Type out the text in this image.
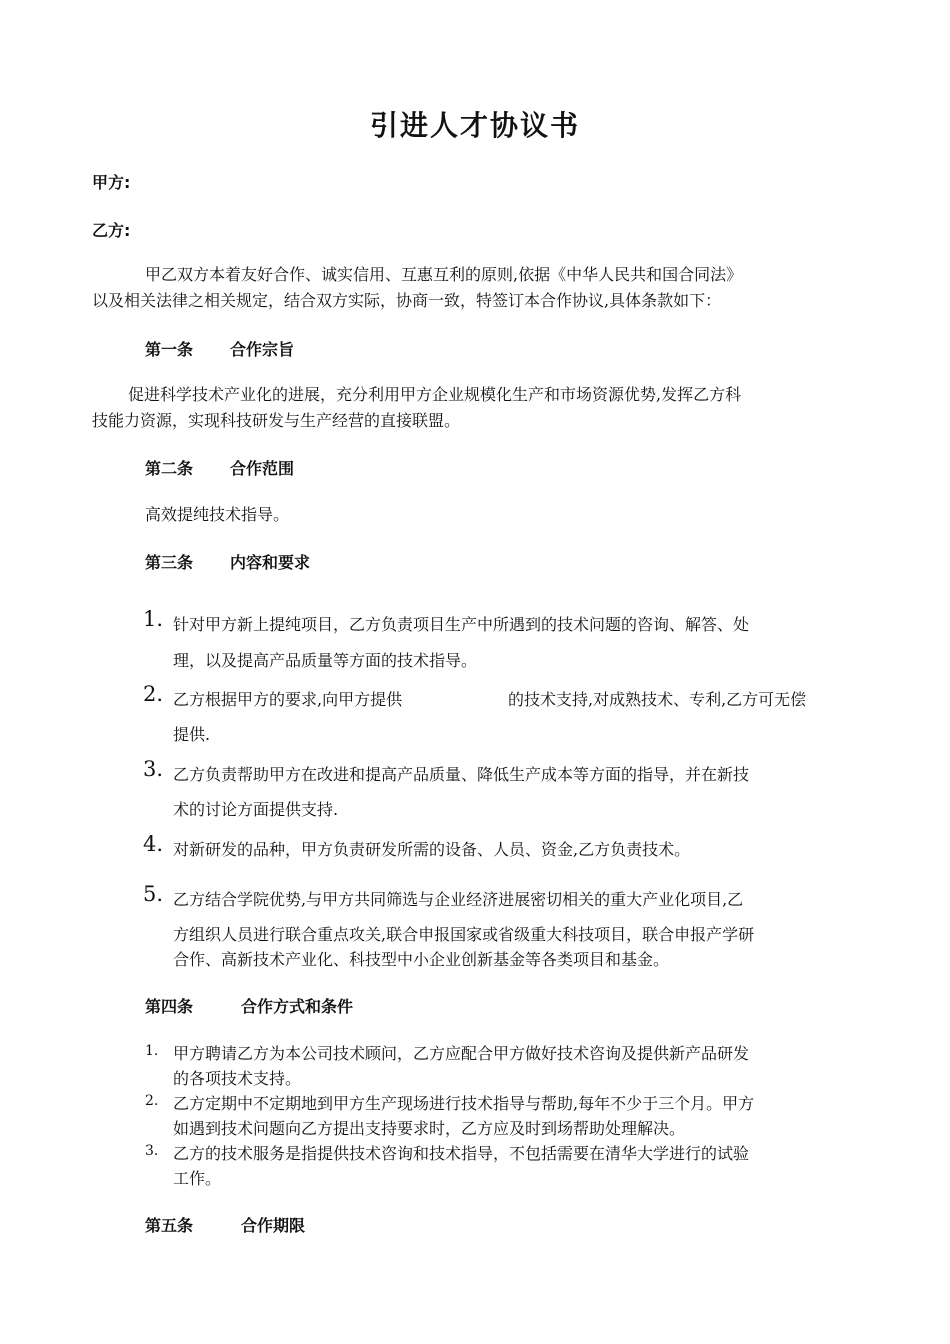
引进人才协议书
甲方:
乙方:
甲乙双方本着友好合作、诚实信用、互惠互利的原则,依据《中华人民共和国合同法》
以及相关法律之相关规定，结合双方实际，协商一致，特签订本合作协议,具体条款如下：
第一条 合作宗旨
促进科学技术产业化的进展，充分利用甲方企业规模化生产和市场资源优势,发挥乙方科
技能力资源，实现科技研发与生产经营的直接联盟。
第二条 合作范围
高效提纯技术指导。
第三条 内容和要求
1. 针对甲方新上提纯项目，乙方负责项目生产中所遇到的技术问题的咨询、解答、处
理，以及提高产品质量等方面的技术指导。
2. 乙方根据甲方的要求,向甲方提供	的技术支持,对成熟技术、专利,乙方可无偿
提供.
3. 乙方负责帮助甲方在改进和提高产品质量、降低生产成本等方面的指导，并在新技
术的讨论方面提供支持.
4. 对新研发的品种，甲方负责研发所需的设备、人员、资金,乙方负责技术。
5. 乙方结合学院优势,与甲方共同筛选与企业经济进展密切相关的重大产业化项目,乙
方组织人员进行联合重点攻关,联合申报国家或省级重大科技项目，联合申报产学研
合作、高新技术产业化、科技型中小企业创新基金等各类项目和基金。
第四条	合作方式和条件
1. 甲方聘请乙方为本公司技术顾问，乙方应配合甲方做好技术咨询及提供新产品研发
的各项技术支持。
2. 乙方定期中不定期地到甲方生产现场进行技术指导与帮助,每年不少于三个月。甲方
如遇到技术问题向乙方提出支持要求时，乙方应及时到场帮助处理解决。
3. 乙方的技术服务是指提供技术咨询和技术指导，不包括需要在清华大学进行的试验
工作。
第五条	合作期限
